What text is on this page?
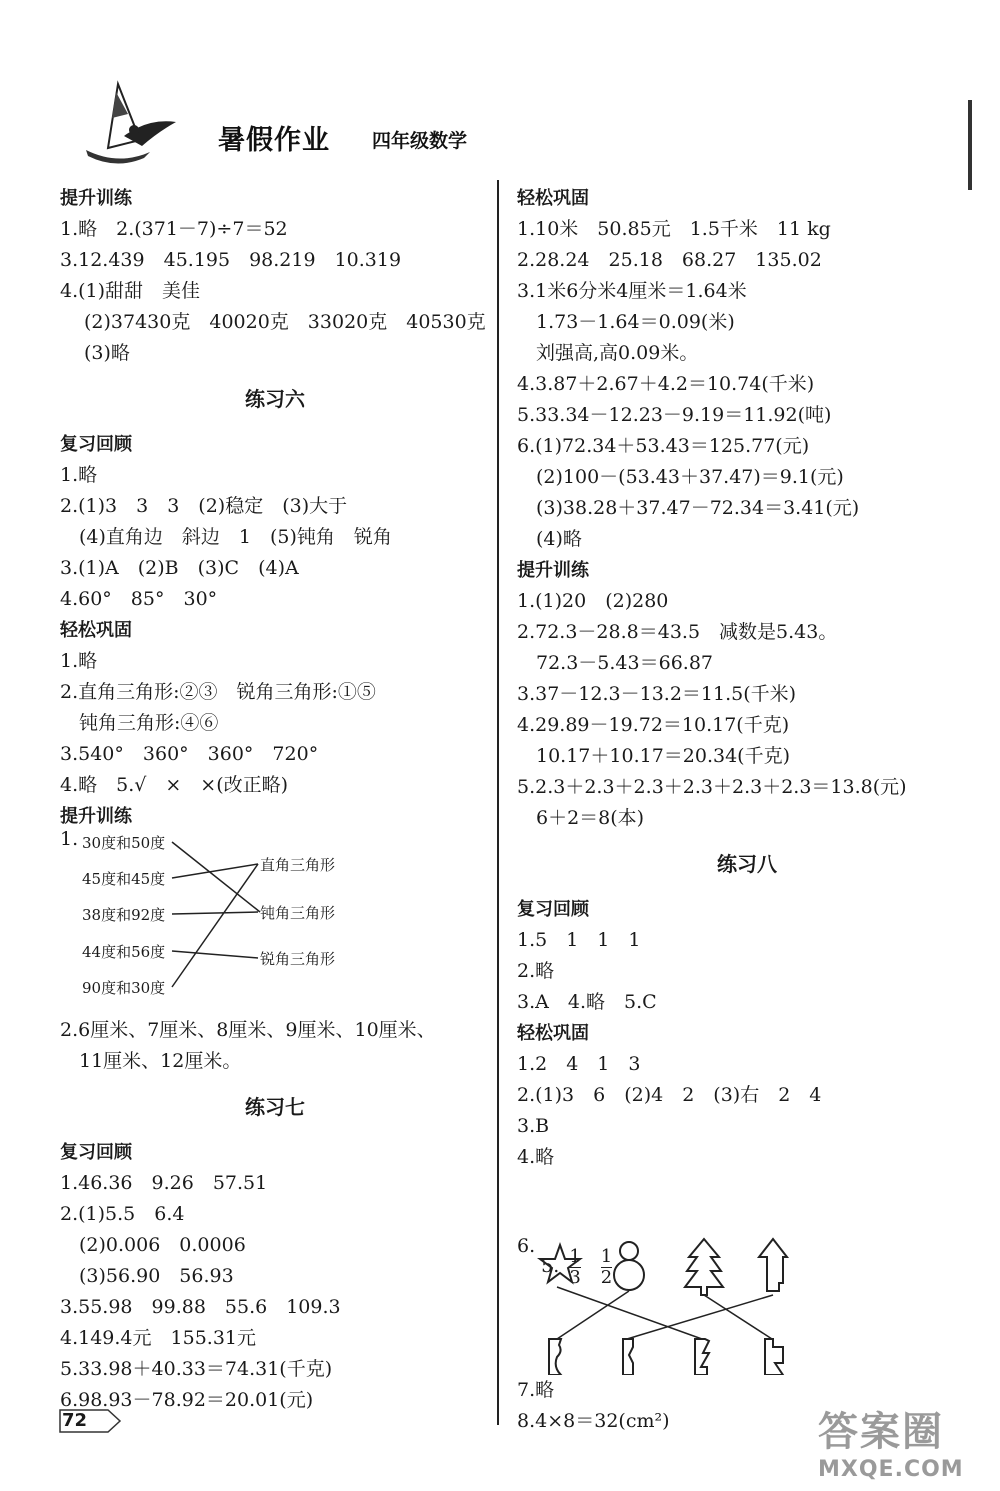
暑假作业 四年级数学
提升训练
1.略　2.(371－7)÷7＝52
3.12.439　45.195　98.219　10.319
4.(1)甜甜　美佳
(2)37430克　40020克　33020克　40530克
(3)略
练习六
复习回顾
1.略
2.(1)3　3　3　(2)稳定　(3)大于
　(4)直角边　斜边　1　(5)钝角　锐角
3.(1)A　(2)B　(3)C　(4)A
4.60°　85°　30°
轻松巩固
1.略
2.直角三角形:②③　锐角三角形:①⑤
　钝角三角形:④⑥
3.540°　360°　360°　720°
4.略　5.√　×　×(改正略)
提升训练
1. 30度和50度
45度和45度
38度和92度
44度和56度
90度和30度
直角三角形
钝角三角形
锐角三角形
2.6厘米、7厘米、8厘米、9厘米、10厘米、
　11厘米、12厘米。
练习七
复习回顾
1.46.36　9.26　57.51
2.(1)5.5　6.4
　(2)0.006　0.0006
　(3)56.90　56.93
3.55.98　99.88　55.6　109.3
4.149.4元　155.31元
5.33.98＋40.33＝74.31(千克)
6.98.93－78.92＝20.01(元)
轻松巩固
1.10米　50.85元　1.5千米　11 kg
2.28.24　25.18　68.27　135.02
3.1米6分米4厘米＝1.64米
　1.73－1.64＝0.09(米)
　刘强高,高0.09米。
4.3.87＋2.67＋4.2＝10.74(千米)
5.33.34－12.23－9.19＝11.92(吨)
6.(1)72.34＋53.43＝125.77(元)
　(2)100－(53.43＋37.47)＝9.1(元)
　(3)38.28＋37.47－72.34＝3.41(元)
　(4)略
提升训练
1.(1)20　(2)280
2.72.3－28.8＝43.5　减数是5.43。
　72.3－5.43＝66.87
3.37－12.3－13.2＝11.5(千米)
4.29.89－19.72＝10.17(千克)
　10.17＋10.17＝20.34(千克)
5.2.3＋2.3＋2.3＋2.3＋2.3＋2.3＝13.8(元)
　6＋2＝8(本)
练习八
复习回顾
1.5　1　1　1
2.略
3.A　4.略　5.C
轻松巩固
1.2　4　1　3
2.(1)3　6　(2)4　2　(3)右　2　4
3.B
4.略

5. $\frac{1}{3} \frac{1}{2}$

6.
7.略
8.4×8＝32(cm²)
72	答案圈
MXQE.COM
